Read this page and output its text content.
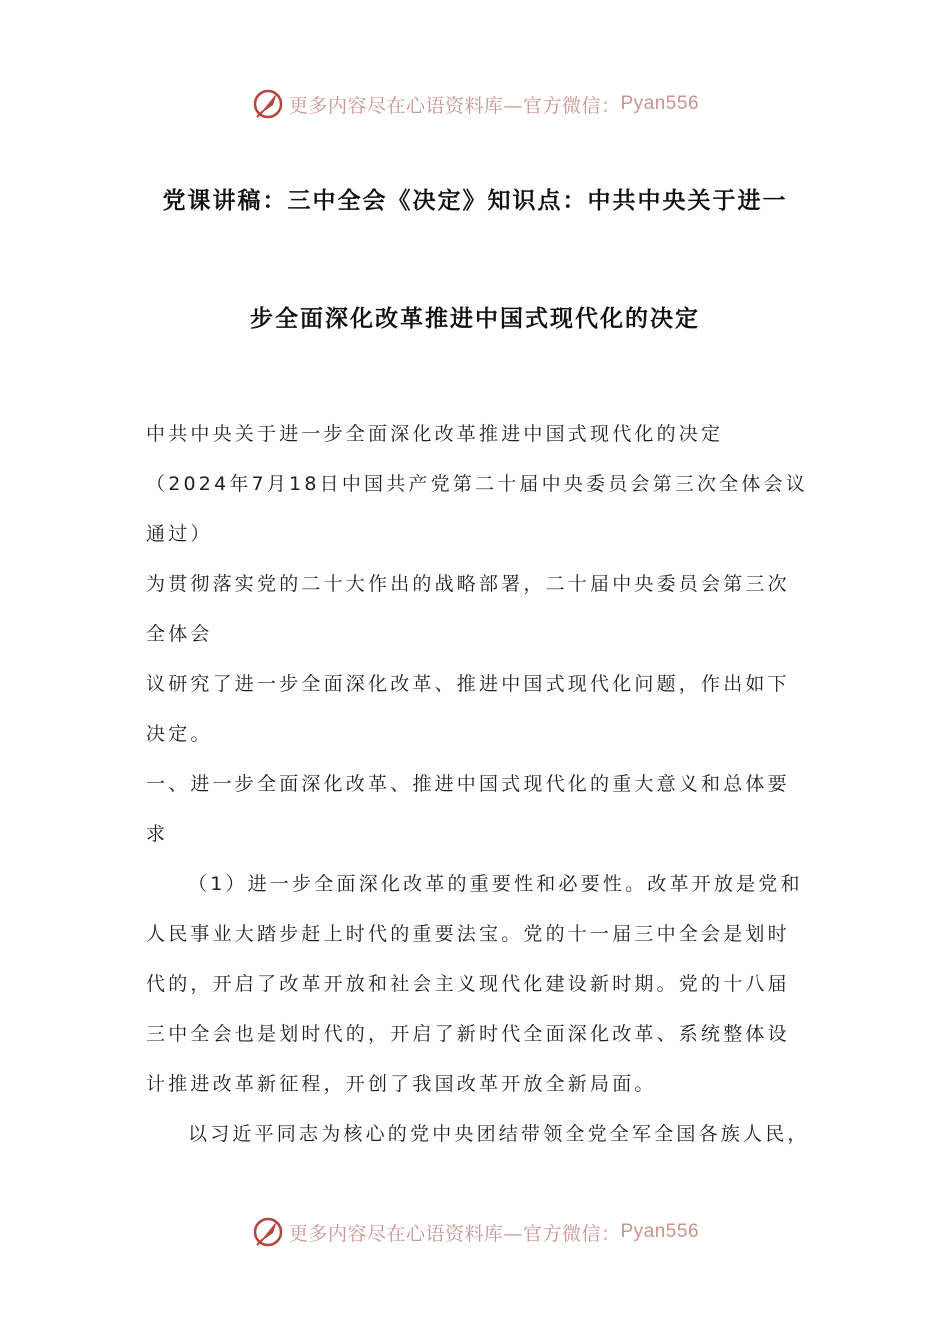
更多内容尽在心语资料库—官方微信： Pyan556
党课讲稿：三中全会《决定》知识点：中共中央关于进一
步全面深化改革推进中国式现代化的决定
中共中央关于进一步全面深化改革推进中国式现代化的决定
（2024年7月18日中国共产党第二十届中央委员会第三次全体会议
通过）
为贯彻落实党的二十大作出的战略部署，二十届中央委员会第三次
全体会
议研究了进一步全面深化改革、推进中国式现代化问题，作出如下
决定。
一、进一步全面深化改革、推进中国式现代化的重大意义和总体要
求
（1）进一步全面深化改革的重要性和必要性。改革开放是党和
人民事业大踏步赶上时代的重要法宝。党的十一届三中全会是划时
代的，开启了改革开放和社会主义现代化建设新时期。党的十八届
三中全会也是划时代的，开启了新时代全面深化改革、系统整体设
计推进改革新征程，开创了我国改革开放全新局面。
以习近平同志为核心的党中央团结带领全党全军全国各族人民，
更多内容尽在心语资料库—官方微信： Pyan556
